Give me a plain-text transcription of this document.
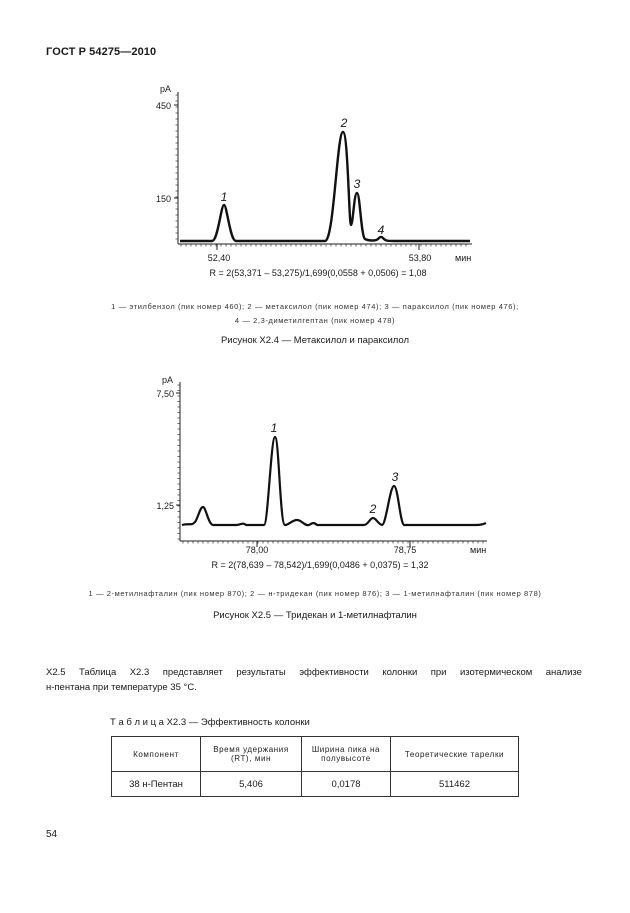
ГОСТ Р 54275—2010
pA
450
150
52,40	53,80	мин
1
2
3
4
R = 2(53,371 – 53,275)/1,699(0,0558 + 0,0506) = 1,08
pA
7,50
1,25
78,00	78,75	мин
1
2
3
R = 2(78,639 – 78,542)/1,699(0,0486 + 0,0375) = 1,32
1 — этилбензол (пик номер 460); 2 — метаксилол (пик номер 474); 3 — параксилол (пик номер 476);
4 — 2,3-диметилгептан (пик номер 478)
Рисунок Х2.4 — Метаксилол и параксилол
1 — 2-метилнафталин (пик номер 870); 2 — н-тридекан (пик номер 876); 3 — 1-метилнафталин (пик номер 878)
Рисунок Х2.5 — Тридекан и 1-метилнафталин
Х2.5 Таблица Х2.3 представляет результаты эффективности колонки при изотермическом анализе
н-пентана при температуре 35 °С.
Т а б л и ц а Х2.3 — Эффективность колонки
Компонент	Время удержания (RT), мин	Ширина пика на полувысоте	Теоретические тарелки
38 н-Пентан	5,406	0,0178	511462
54
